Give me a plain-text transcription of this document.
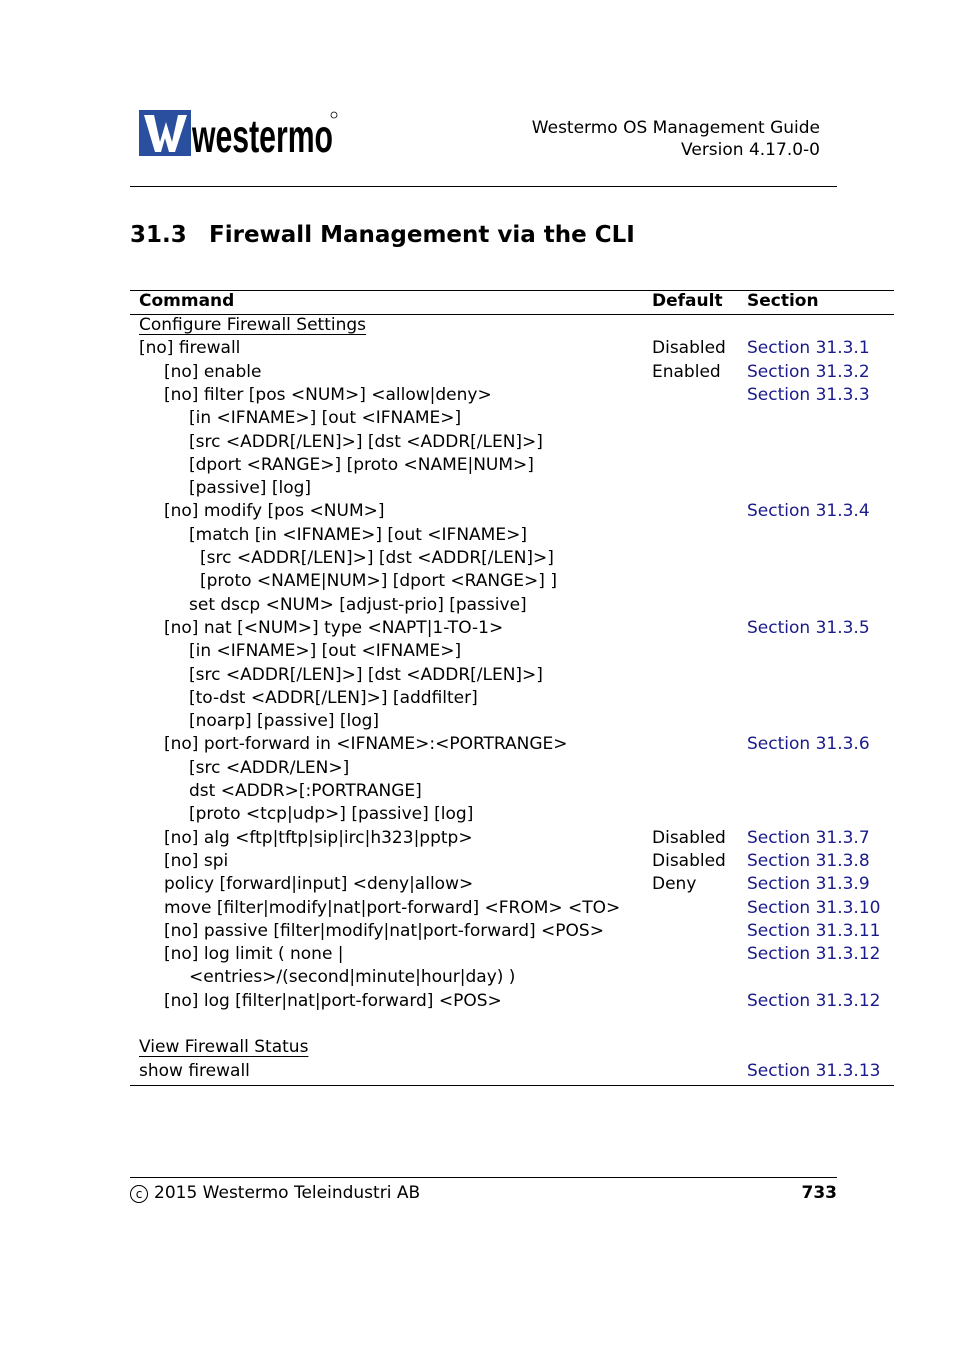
westermo	Westermo OS Management Guide
Version 4.17.0-0
31.3 Firewall Management via the CLI
Command	Default Section
Configure Firewall Settings
[no] firewall	Disabled Section 31.3.1
[no] enable	Enabled Section 31.3.2
[no] filter [pos <NUM>] <allow|deny>	Section 31.3.3
[in <IFNAME>] [out <IFNAME>]
[src <ADDR[/LEN]>] [dst <ADDR[/LEN]>]
[dport <RANGE>] [proto <NAME|NUM>]
[passive] [log]
[no] modify [pos <NUM>]	Section 31.3.4
[match [in <IFNAME>] [out <IFNAME>]
[src <ADDR[/LEN]>] [dst <ADDR[/LEN]>]
[proto <NAME|NUM>] [dport <RANGE>] ]
set dscp <NUM> [adjust-prio] [passive]
[no] nat [<NUM>] type <NAPT|1-TO-1>	Section 31.3.5
[in <IFNAME>] [out <IFNAME>]
[src <ADDR[/LEN]>] [dst <ADDR[/LEN]>]
[to-dst <ADDR[/LEN]>] [addfilter]
[noarp] [passive] [log]
[no] port-forward in <IFNAME>:<PORTRANGE>	Section 31.3.6
[src <ADDR/LEN>]
dst <ADDR>[:PORTRANGE]
[proto <tcp|udp>] [passive] [log]
[no] alg <ftp|tftp|sip|irc|h323|pptp>	Disabled Section 31.3.7
[no] spi	Disabled Section 31.3.8
policy [forward|input] <deny|allow>	Deny	Section 31.3.9
move [filter|modify|nat|port-forward] <FROM> <TO>	Section 31.3.10
[no] passive [filter|modify|nat|port-forward] <POS>	Section 31.3.11
[no] log limit ( none |	Section 31.3.12
<entries>/(second|minute|hour|day) )
[no] log [filter|nat|port-forward] <POS>	Section 31.3.12
View Firewall Status
show firewall	Section 31.3.13
c 2015 Westermo Teleindustri AB	733
